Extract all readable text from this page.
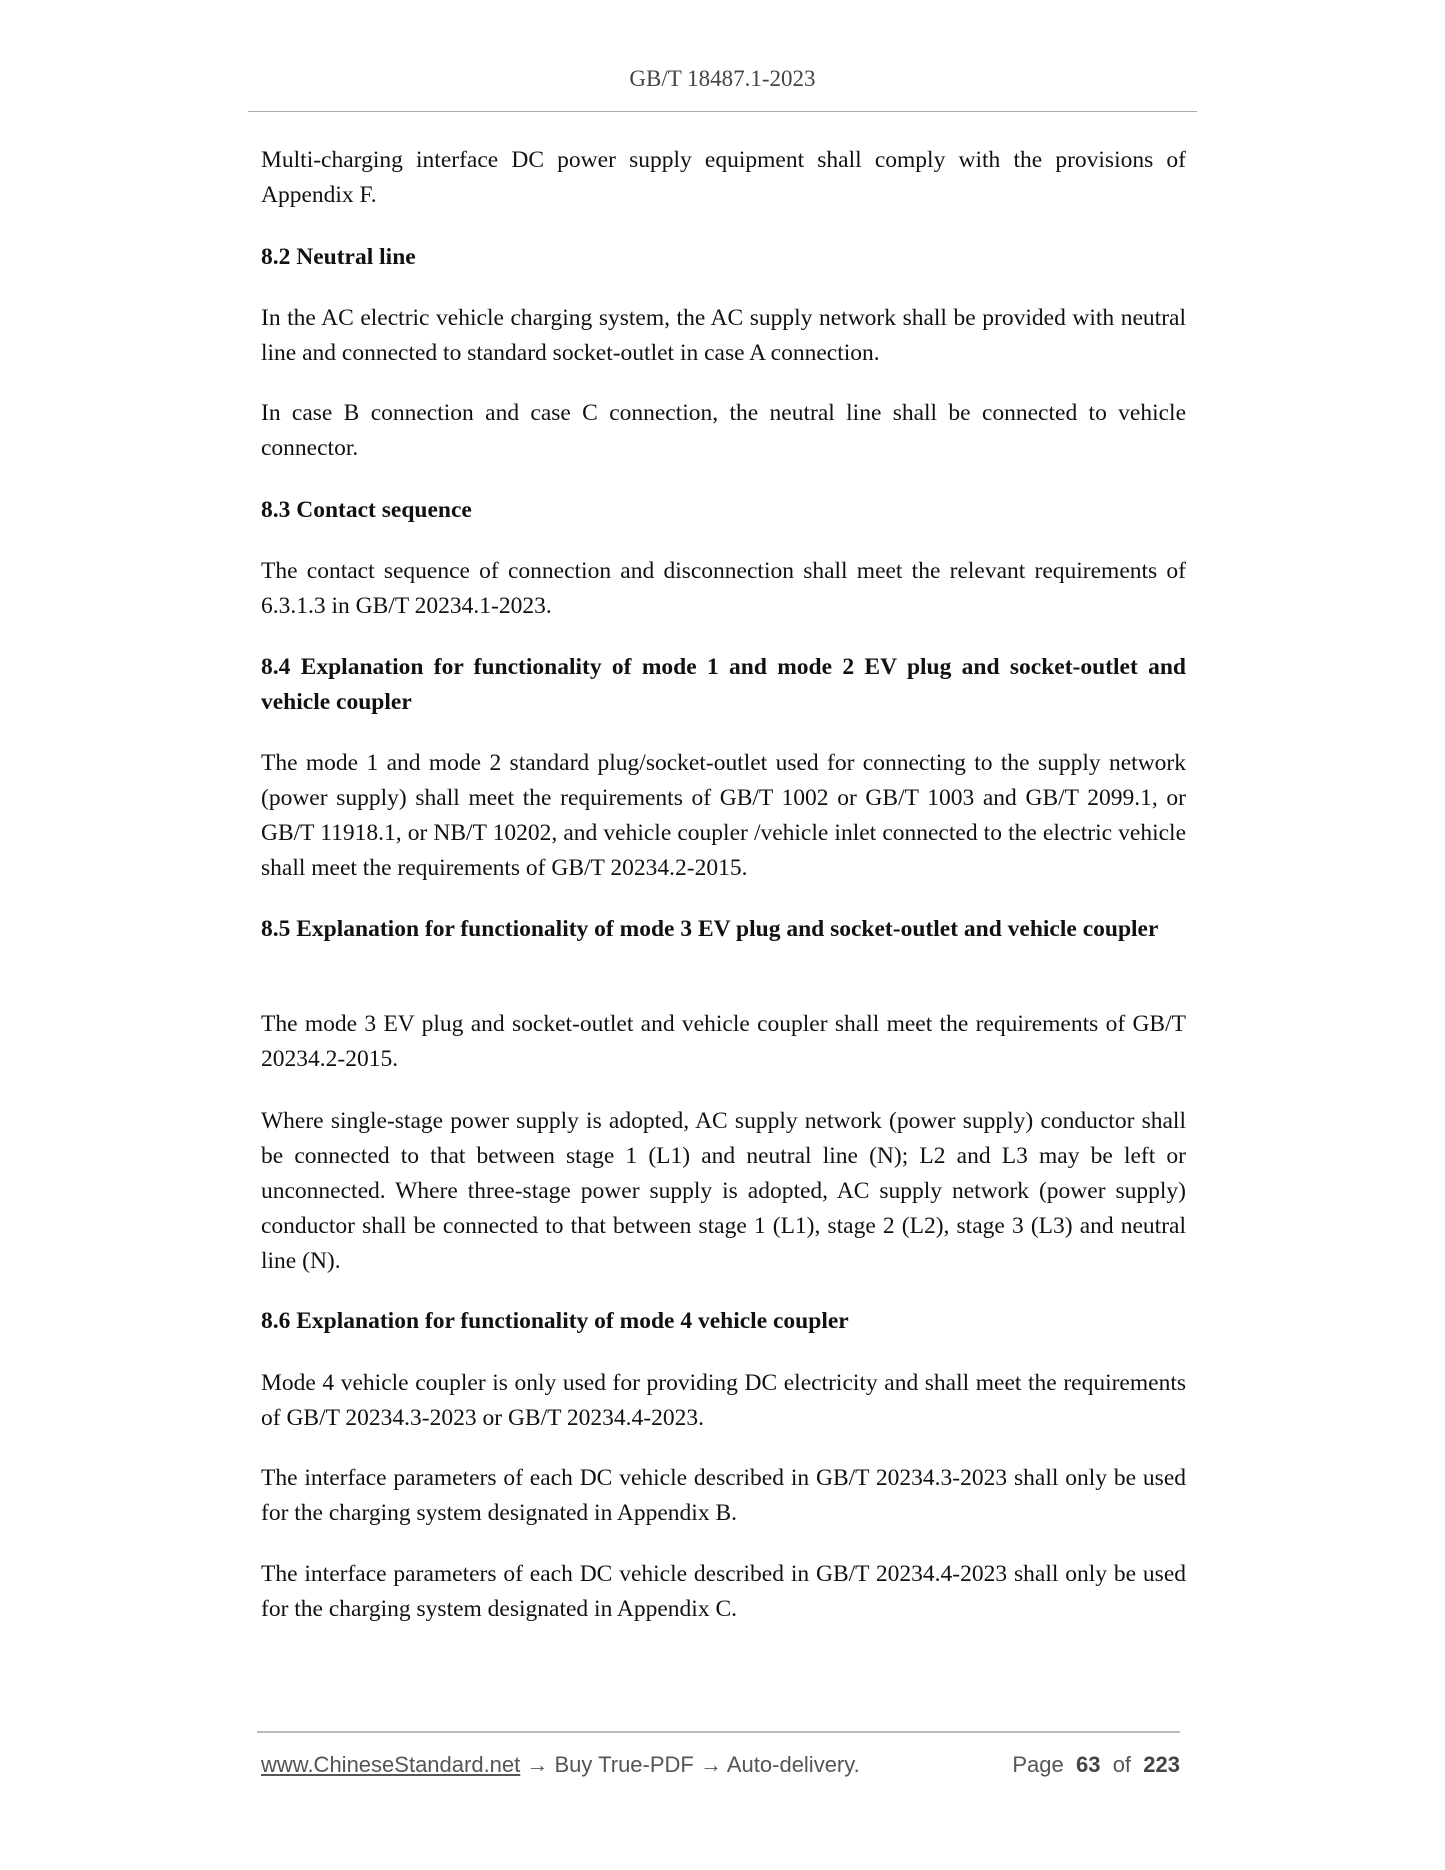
GB/T 18487.1-2023
Multi-charging interface DC power supply equipment shall comply with the provisions of Appendix F.
8.2 Neutral line
In the AC electric vehicle charging system, the AC supply network shall be provided with neutral line and connected to standard socket-outlet in case A connection.
In case B connection and case C connection, the neutral line shall be connected to vehicle connector.
8.3 Contact sequence
The contact sequence of connection and disconnection shall meet the relevant requirements of 6.3.1.3 in GB/T 20234.1-2023.
8.4 Explanation for functionality of mode 1 and mode 2 EV plug and socket-outlet and vehicle coupler
The mode 1 and mode 2 standard plug/socket-outlet used for connecting to the supply network (power supply) shall meet the requirements of GB/T 1002 or GB/T 1003 and GB/T 2099.1, or GB/T 11918.1, or NB/T 10202, and vehicle coupler /vehicle inlet connected to the electric vehicle shall meet the requirements of GB/T 20234.2-2015.
8.5 Explanation for functionality of mode 3 EV plug and socket-outlet and vehicle coupler
The mode 3 EV plug and socket-outlet and vehicle coupler shall meet the requirements of GB/T 20234.2-2015.
Where single-stage power supply is adopted, AC supply network (power supply) conductor shall be connected to that between stage 1 (L1) and neutral line (N); L2 and L3 may be left or unconnected. Where three-stage power supply is adopted, AC supply network (power supply) conductor shall be connected to that between stage 1 (L1), stage 2 (L2), stage 3 (L3) and neutral line (N).
8.6 Explanation for functionality of mode 4 vehicle coupler
Mode 4 vehicle coupler is only used for providing DC electricity and shall meet the requirements of GB/T 20234.3-2023 or GB/T 20234.4-2023.
The interface parameters of each DC vehicle described in GB/T 20234.3-2023 shall only be used for the charging system designated in Appendix B.
The interface parameters of each DC vehicle described in GB/T 20234.4-2023 shall only be used for the charging system designated in Appendix C.
www.ChineseStandard.net → Buy True-PDF → Auto-delivery.	Page 63 of 223
